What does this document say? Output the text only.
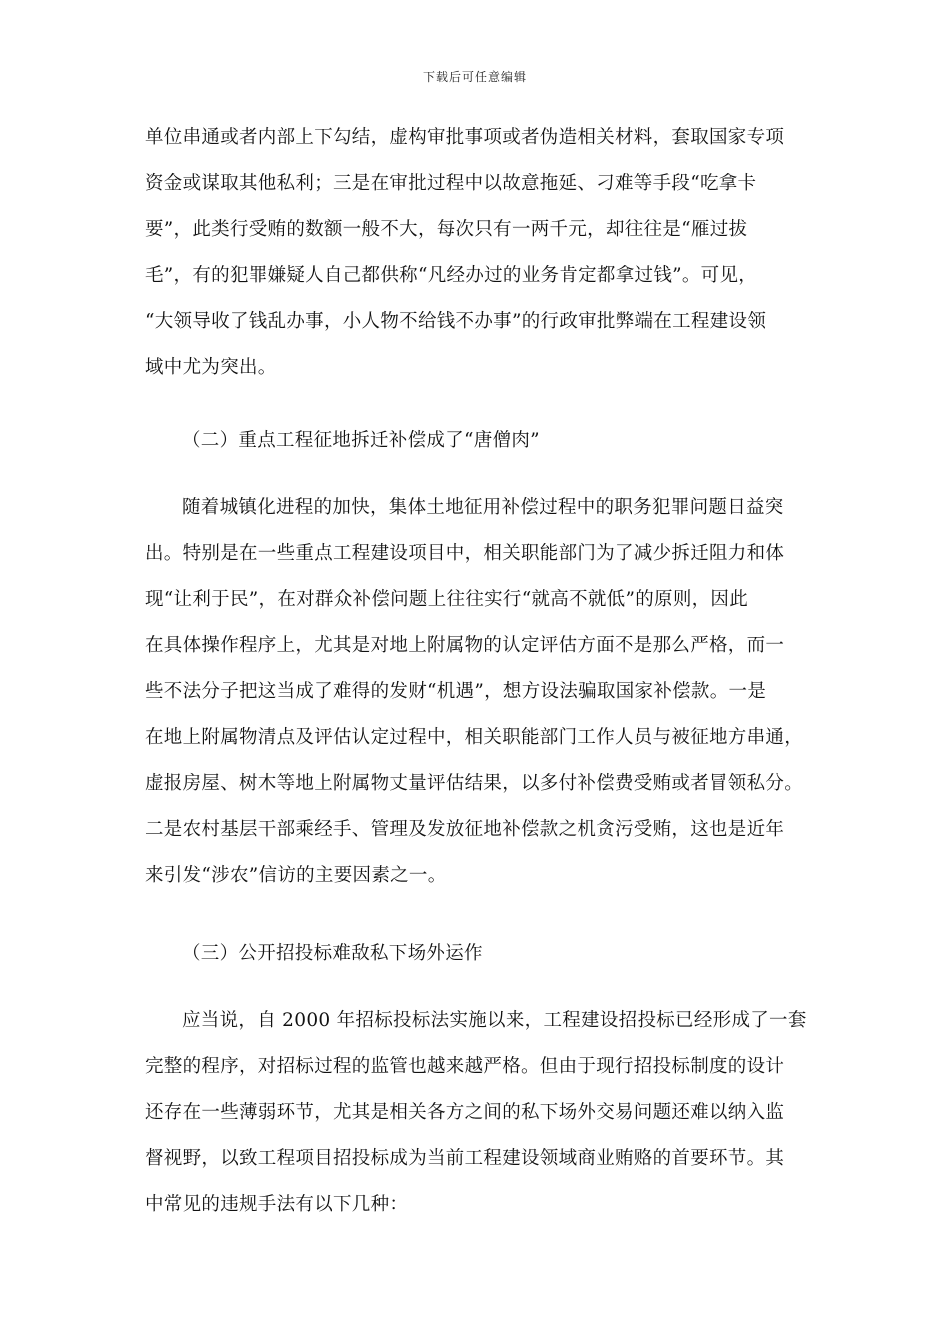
下载后可任意编辑
单位串通或者内部上下勾结，虚构审批事项或者伪造相关材料，套取国家专项
资金或谋取其他私利；三是在审批过程中以故意拖延、刁难等手段“吃拿卡
要”，此类行受贿的数额一般不大，每次只有一两千元，却往往是“雁过拔
毛”，有的犯罪嫌疑人自己都供称“凡经办过的业务肯定都拿过钱”。可见，
“大领导收了钱乱办事，小人物不给钱不办事”的行政审批弊端在工程建设领
域中尤为突出。
（二）重点工程征地拆迁补偿成了“唐僧肉”
随着城镇化进程的加快，集体土地征用补偿过程中的职务犯罪问题日益突
出。特别是在一些重点工程建设项目中，相关职能部门为了减少拆迁阻力和体
现“让利于民”，在对群众补偿问题上往往实行“就高不就低”的原则，因此
在具体操作程序上，尤其是对地上附属物的认定评估方面不是那么严格，而一
些不法分子把这当成了难得的发财“机遇”，想方设法骗取国家补偿款。一是
在地上附属物清点及评估认定过程中，相关职能部门工作人员与被征地方串通，
虚报房屋、树木等地上附属物丈量评估结果，以多付补偿费受贿或者冒领私分。
二是农村基层干部乘经手、管理及发放征地补偿款之机贪污受贿，这也是近年
来引发“涉农”信访的主要因素之一。
（三）公开招投标难敌私下场外运作
应当说，自 2000 年招标投标法实施以来，工程建设招投标已经形成了一套
完整的程序，对招标过程的监管也越来越严格。但由于现行招投标制度的设计
还存在一些薄弱环节，尤其是相关各方之间的私下场外交易问题还难以纳入监
督视野，以致工程项目招投标成为当前工程建设领域商业贿赂的首要环节。其
中常见的违规手法有以下几种：
